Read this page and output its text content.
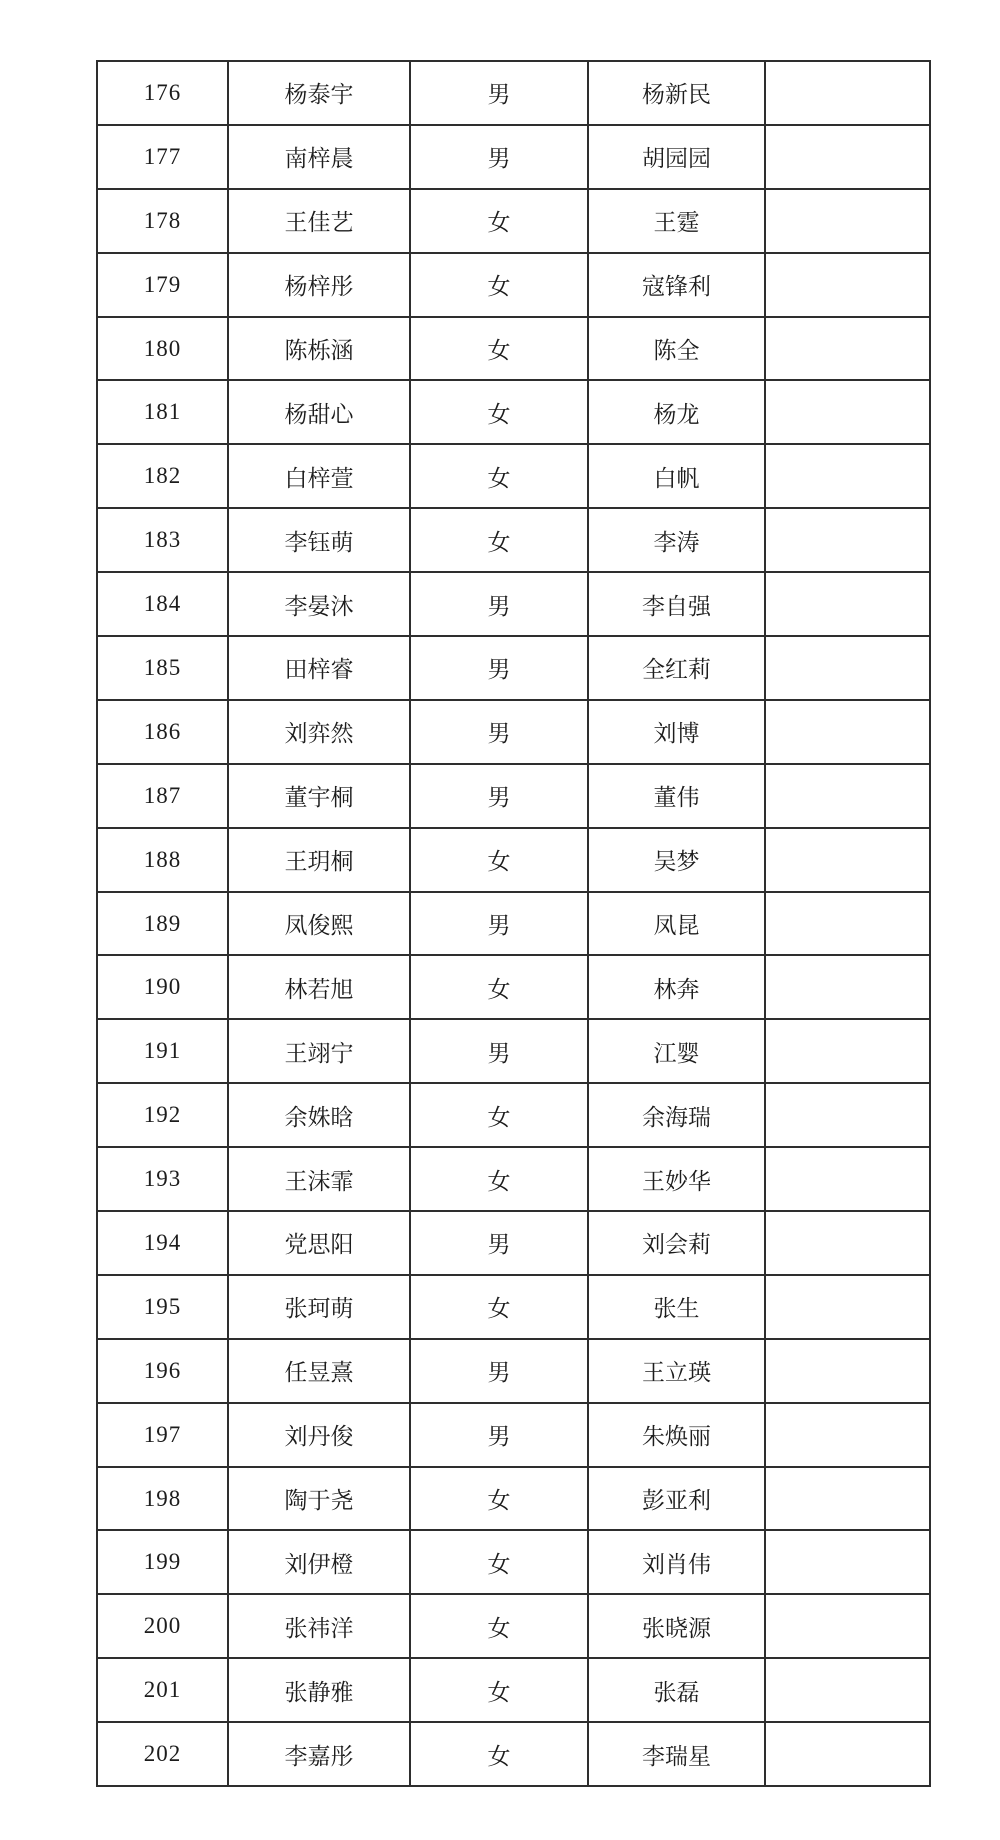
176	杨泰宇	男	杨新民	
177	南梓晨	男	胡园园	
178	王佳艺	女	王霆	
179	杨梓彤	女	寇锋利	
180	陈栎涵	女	陈全	
181	杨甜心	女	杨龙	
182	白梓萱	女	白帆	
183	李钰萌	女	李涛	
184	李晏沐	男	李自强	
185	田梓睿	男	全红莉	
186	刘弈然	男	刘博	
187	董宇桐	男	董伟	
188	王玥桐	女	吴梦	
189	凤俊熙	男	凤昆	
190	林若旭	女	林奔	
191	王翊宁	男	江婴	
192	余姝晗	女	余海瑞	
193	王沫霏	女	王妙华	
194	党思阳	男	刘会莉	
195	张珂萌	女	张生	
196	任昱熹	男	王立瑛	
197	刘丹俊	男	朱焕丽	
198	陶于尧	女	彭亚利	
199	刘伊橙	女	刘肖伟	
200	张祎洋	女	张晓源	
201	张静雅	女	张磊	
202	李嘉彤	女	李瑞星	
